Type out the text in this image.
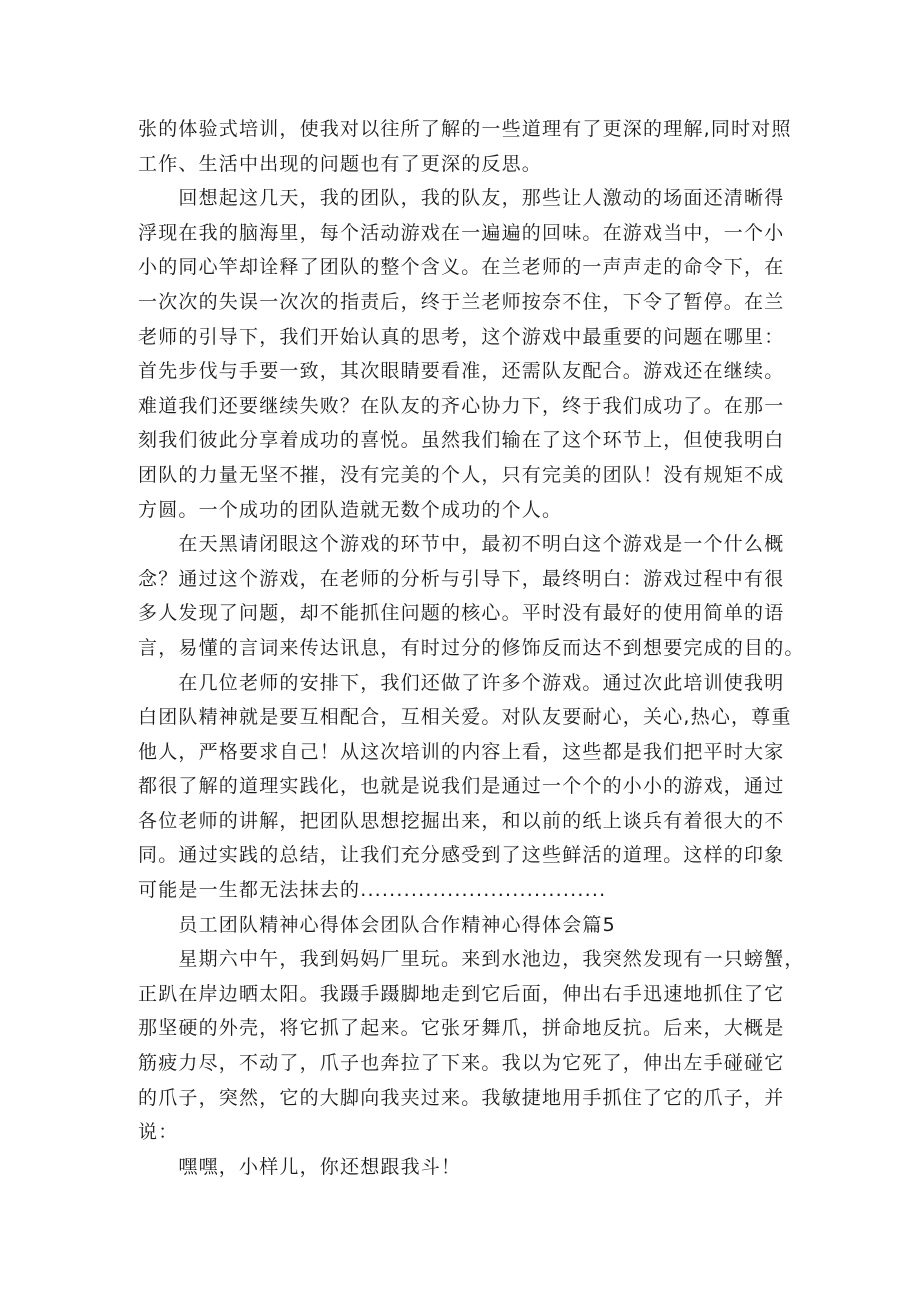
张的体验式培训，使我对以往所了解的一些道理有了更深的理解,同时对照
工作、生活中出现的问题也有了更深的反思。
　　回想起这几天，我的团队，我的队友，那些让人激动的场面还清晰得
浮现在我的脑海里，每个活动游戏在一遍遍的回味。在游戏当中，一个小
小的同心竿却诠释了团队的整个含义。在兰老师的一声声走的命令下，在
一次次的失误一次次的指责后，终于兰老师按奈不住，下令了暂停。在兰
老师的引导下，我们开始认真的思考，这个游戏中最重要的问题在哪里：
首先步伐与手要一致，其次眼睛要看准，还需队友配合。游戏还在继续。
难道我们还要继续失败？在队友的齐心协力下，终于我们成功了。在那一
刻我们彼此分享着成功的喜悦。虽然我们输在了这个环节上，但使我明白
团队的力量无坚不摧，没有完美的个人，只有完美的团队！没有规矩不成
方圆。一个成功的团队造就无数个成功的个人。
　　在天黑请闭眼这个游戏的环节中，最初不明白这个游戏是一个什么概
念？通过这个游戏，在老师的分析与引导下，最终明白：游戏过程中有很
多人发现了问题，却不能抓住问题的核心。平时没有最好的使用简单的语
言，易懂的言词来传达讯息，有时过分的修饰反而达不到想要完成的目的。
　　在几位老师的安排下，我们还做了许多个游戏。通过次此培训使我明
白团队精神就是要互相配合，互相关爱。对队友要耐心，关心,热心，尊重
他人，严格要求自己！从这次培训的内容上看，这些都是我们把平时大家
都很了解的道理实践化，也就是说我们是通过一个个的小小的游戏，通过
各位老师的讲解，把团队思想挖掘出来，和以前的纸上谈兵有着很大的不
同。通过实践的总结，让我们充分感受到了这些鲜活的道理。这样的印象
可能是一生都无法抹去的..................................
　　员工团队精神心得体会团队合作精神心得体会篇5
　　星期六中午，我到妈妈厂里玩。来到水池边，我突然发现有一只螃蟹，
正趴在岸边晒太阳。我蹑手蹑脚地走到它后面，伸出右手迅速地抓住了它
那坚硬的外壳，将它抓了起来。它张牙舞爪，拼命地反抗。后来，大概是
筋疲力尽，不动了，爪子也奔拉了下来。我以为它死了，伸出左手碰碰它
的爪子，突然，它的大脚向我夹过来。我敏捷地用手抓住了它的爪子，并
说：
　　嘿嘿，小样儿，你还想跟我斗！
